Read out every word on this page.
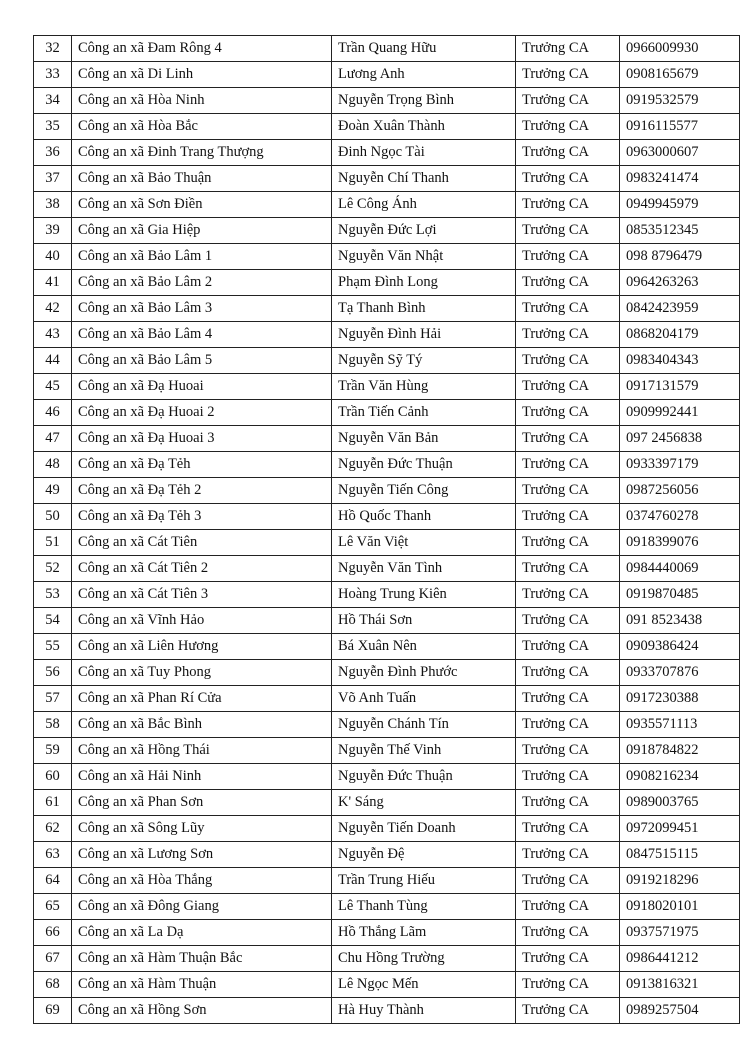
32	Công an xã Đam Rông 4	Trần Quang Hữu	Trưởng CA	0966009930
33	Công an xã Di Linh	Lương Anh	Trưởng CA	0908165679
34	Công an xã Hòa Ninh	Nguyễn Trọng Bình	Trưởng CA	0919532579
35	Công an xã Hòa Bắc	Đoàn Xuân Thành	Trưởng CA	0916115577
36	Công an xã Đinh Trang Thượng	Đinh Ngọc Tài	Trưởng CA	0963000607
37	Công an xã Bảo Thuận	Nguyễn Chí Thanh	Trưởng CA	0983241474
38	Công an xã Sơn Điền	Lê Công Ánh	Trưởng CA	0949945979
39	Công an xã Gia Hiệp	Nguyễn Đức Lợi	Trưởng CA	0853512345
40	Công an xã Bảo Lâm 1	Nguyễn Văn Nhật	Trưởng CA	098 8796479
41	Công an xã Bảo Lâm 2	Phạm Đình Long	Trưởng CA	0964263263
42	Công an xã Bảo Lâm 3	Tạ Thanh Bình	Trưởng CA	0842423959
43	Công an xã Bảo Lâm 4	Nguyễn Đình Hải	Trưởng CA	0868204179
44	Công an xã Bảo Lâm 5	Nguyễn Sỹ Tý	Trưởng CA	0983404343
45	Công an xã Đạ Huoai	Trần Văn Hùng	Trưởng CA	0917131579
46	Công an xã Đạ Huoai 2	Trần Tiến Cảnh	Trưởng CA	0909992441
47	Công an xã Đạ Huoai 3	Nguyễn Văn Bản	Trưởng CA	097 2456838
48	Công an xã Đạ Tẻh	Nguyễn Đức Thuận	Trưởng CA	0933397179
49	Công an xã Đạ Tẻh 2	Nguyễn Tiến Công	Trưởng CA	0987256056
50	Công an xã Đạ Tẻh 3	Hồ Quốc Thanh	Trưởng CA	0374760278
51	Công an xã Cát Tiên	Lê Văn Việt	Trưởng CA	0918399076
52	Công an xã Cát Tiên 2	Nguyễn Văn Tình	Trưởng CA	0984440069
53	Công an xã Cát Tiên 3	Hoàng Trung Kiên	Trưởng CA	0919870485
54	Công an xã Vĩnh Hảo	Hồ Thái Sơn	Trưởng CA	091 8523438
55	Công an xã Liên Hương	Bá Xuân Nên	Trưởng CA	0909386424
56	Công an xã Tuy Phong	Nguyễn Đình Phước	Trưởng CA	0933707876
57	Công an xã Phan Rí Cửa	Võ Anh Tuấn	Trưởng CA	0917230388
58	Công an xã Bắc Bình	Nguyễn Chánh Tín	Trưởng CA	0935571113
59	Công an xã Hồng Thái	Nguyễn Thế Vinh	Trưởng CA	0918784822
60	Công an xã Hải Ninh	Nguyễn Đức Thuận	Trưởng CA	0908216234
61	Công an xã Phan Sơn	K' Sáng	Trưởng CA	0989003765
62	Công an xã Sông Lũy	Nguyễn Tiến Doanh	Trưởng CA	0972099451
63	Công an xã Lương Sơn	Nguyễn Đệ	Trưởng CA	0847515115
64	Công an xã Hòa Thắng	Trần Trung Hiếu	Trưởng CA	0919218296
65	Công an xã Đông Giang	Lê Thanh Tùng	Trưởng CA	0918020101
66	Công an xã La Dạ	Hồ Thắng Lãm	Trưởng CA	0937571975
67	Công an xã Hàm Thuận Bắc	Chu Hồng Trường	Trưởng CA	0986441212
68	Công an xã Hàm Thuận	Lê Ngọc Mến	Trưởng CA	0913816321
69	Công an xã Hồng Sơn	Hà Huy Thành	Trưởng CA	0989257504
